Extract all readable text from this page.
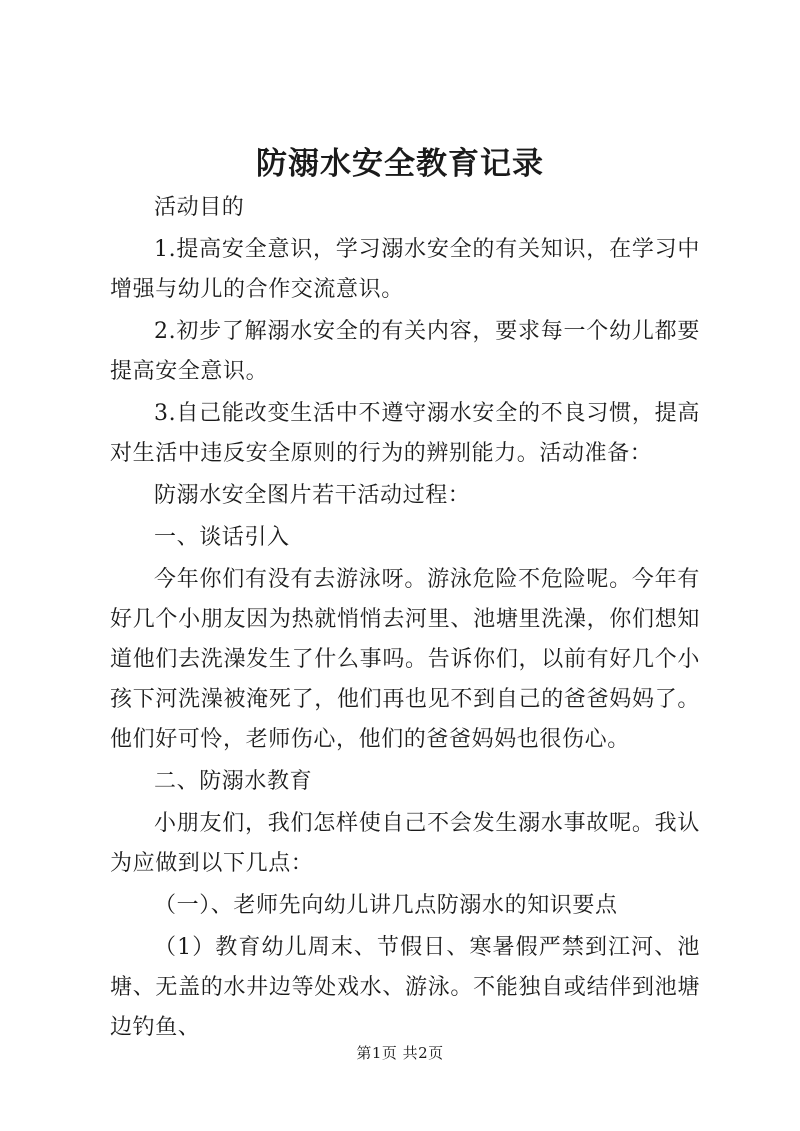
防溺水安全教育记录

活动目的

1.提高安全意识，学习溺水安全的有关知识，在学习中增强与幼儿的合作交流意识。

2.初步了解溺水安全的有关内容，要求每一个幼儿都要提高安全意识。

3.自己能改变生活中不遵守溺水安全的不良习惯，提高对生活中违反安全原则的行为的辨别能力。活动准备：

防溺水安全图片若干活动过程：

一、谈话引入

今年你们有没有去游泳呀。游泳危险不危险呢。今年有好几个小朋友因为热就悄悄去河里、池塘里洗澡，你们想知道他们去洗澡发生了什么事吗。告诉你们，以前有好几个小孩下河洗澡被淹死了，他们再也见不到自己的爸爸妈妈了。他们好可怜，老师伤心，他们的爸爸妈妈也很伤心。

二、防溺水教育

小朋友们，我们怎样使自己不会发生溺水事故呢。我认为应做到以下几点：

（一）、老师先向幼儿讲几点防溺水的知识要点

（1）教育幼儿周末、节假日、寒暑假严禁到江河、池塘、无盖的水井边等处戏水、游泳。不能独自或结伴到池塘边钓鱼、

第1页 共2页
